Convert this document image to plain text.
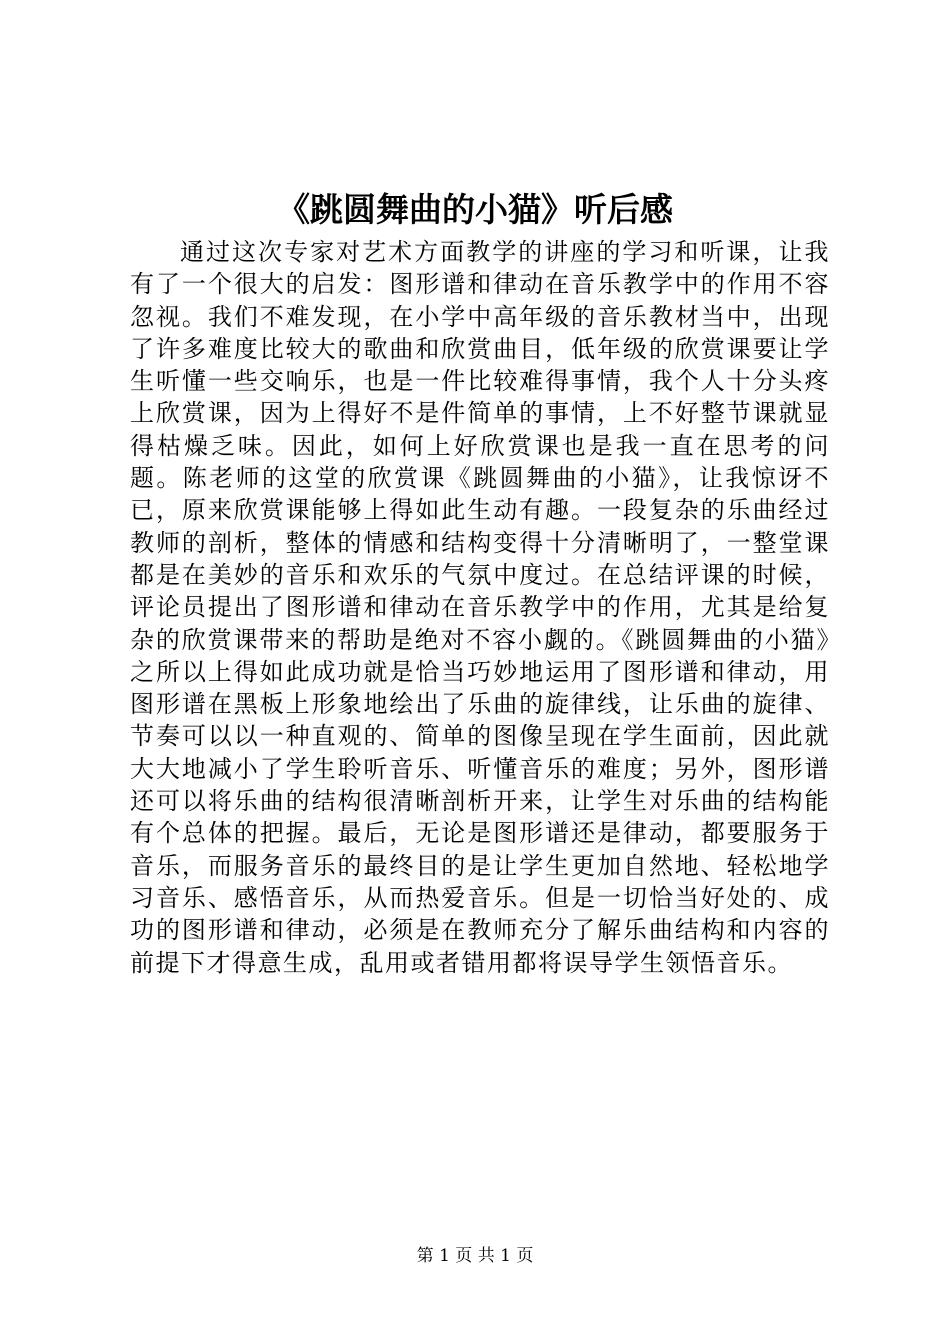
《跳圆舞曲的小猫》听后感

通过这次专家对艺术方面教学的讲座的学习和听课，让我有了一个很大的启发：图形谱和律动在音乐教学中的作用不容忽视。我们不难发现，在小学中高年级的音乐教材当中，出现了许多难度比较大的歌曲和欣赏曲目，低年级的欣赏课要让学生听懂一些交响乐，也是一件比较难得事情，我个人十分头疼上欣赏课，因为上得好不是件简单的事情，上不好整节课就显得枯燥乏味。因此，如何上好欣赏课也是我一直在思考的问题。陈老师的这堂的欣赏课《跳圆舞曲的小猫》，让我惊讶不已，原来欣赏课能够上得如此生动有趣。一段复杂的乐曲经过教师的剖析，整体的情感和结构变得十分清晰明了，一整堂课都是在美妙的音乐和欢乐的气氛中度过。在总结评课的时候，评论员提出了图形谱和律动在音乐教学中的作用，尤其是给复杂的欣赏课带来的帮助是绝对不容小觑的。《跳圆舞曲的小猫》之所以上得如此成功就是恰当巧妙地运用了图形谱和律动，用图形谱在黑板上形象地绘出了乐曲的旋律线，让乐曲的旋律、节奏可以以一种直观的、简单的图像呈现在学生面前，因此就大大地减小了学生聆听音乐、听懂音乐的难度；另外，图形谱还可以将乐曲的结构很清晰剖析开来，让学生对乐曲的结构能有个总体的把握。最后，无论是图形谱还是律动，都要服务于音乐，而服务音乐的最终目的是让学生更加自然地、轻松地学习音乐、感悟音乐，从而热爱音乐。但是一切恰当好处的、成功的图形谱和律动，必须是在教师充分了解乐曲结构和内容的前提下才得意生成，乱用或者错用都将误导学生领悟音乐。

第 1 页 共 1 页
